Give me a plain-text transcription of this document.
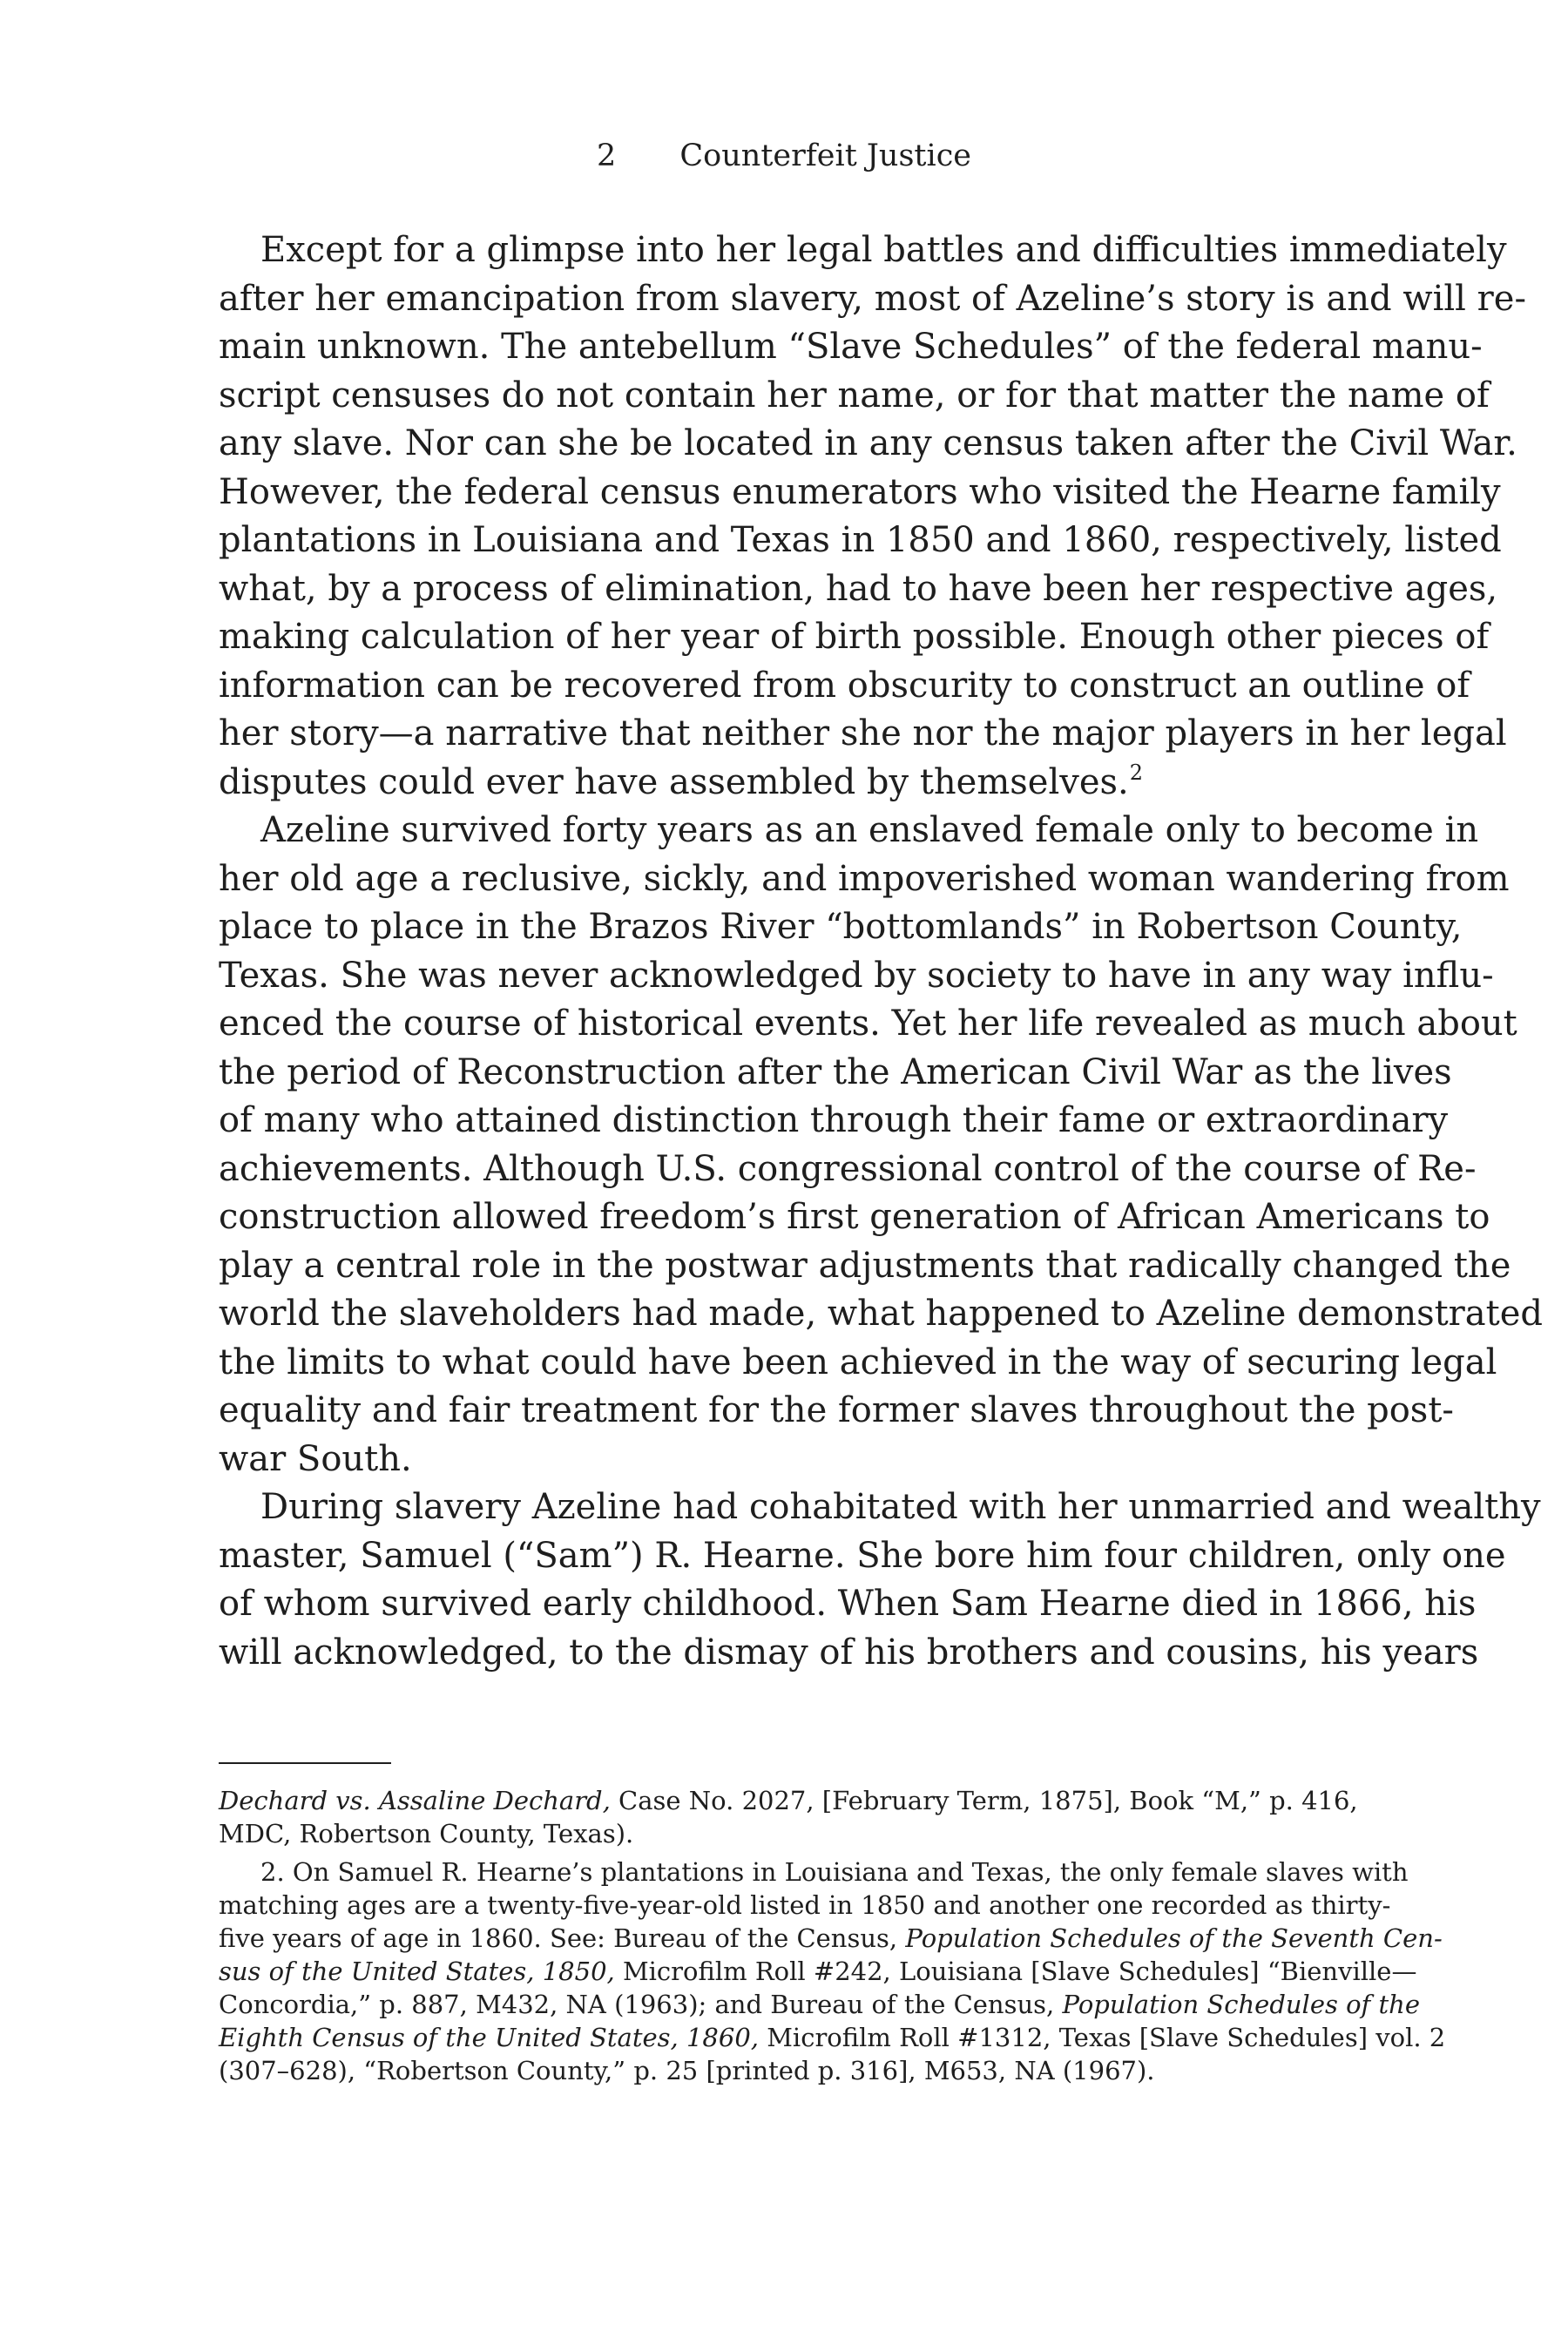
2 Counterfeit Justice
Except for a glimpse into her legal battles and difficulties immediately
after her emancipation from slavery, most of Azeline’s story is and will re-
main unknown. The antebellum “Slave Schedules” of the federal manu-
script censuses do not contain her name, or for that matter the name of
any slave. Nor can she be located in any census taken after the Civil War.
However, the federal census enumerators who visited the Hearne family
plantations in Louisiana and Texas in 1850 and 1860, respectively, listed
what, by a process of elimination, had to have been her respective ages,
making calculation of her year of birth possible. Enough other pieces of
information can be recovered from obscurity to construct an outline of
her story—a narrative that neither she nor the major players in her legal
disputes could ever have assembled by themselves.$^2$
Azeline survived forty years as an enslaved female only to become in
her old age a reclusive, sickly, and impoverished woman wandering from
place to place in the Brazos River “bottomlands” in Robertson County,
Texas. She was never acknowledged by society to have in any way influ-
enced the course of historical events. Yet her life revealed as much about
the period of Reconstruction after the American Civil War as the lives
of many who attained distinction through their fame or extraordinary
achievements. Although U.S. congressional control of the course of Re-
construction allowed freedom’s first generation of African Americans to
play a central role in the postwar adjustments that radically changed the
world the slaveholders had made, what happened to Azeline demonstrated
the limits to what could have been achieved in the way of securing legal
equality and fair treatment for the former slaves throughout the post-
war South.
During slavery Azeline had cohabitated with her unmarried and wealthy
master, Samuel (“Sam”) R. Hearne. She bore him four children, only one
of whom survived early childhood. When Sam Hearne died in 1866, his
will acknowledged, to the dismay of his brothers and cousins, his years
Dechard vs. Assaline Dechard, Case No. 2027, [February Term, 1875], Book “M,” p. 416,
MDC, Robertson County, Texas).
2. On Samuel R. Hearne’s plantations in Louisiana and Texas, the only female slaves with
matching ages are a twenty-five-year-old listed in 1850 and another one recorded as thirty-
five years of age in 1860. See: Bureau of the Census, Population Schedules of the Seventh Cen-
sus of the United States, 1850, Microfilm Roll #242, Louisiana [Slave Schedules] “Bienville—
Concordia,” p. 887, M432, NA (1963); and Bureau of the Census, Population Schedules of the
Eighth Census of the United States, 1860, Microfilm Roll #1312, Texas [Slave Schedules] vol. 2
(307–628), “Robertson County,” p. 25 [printed p. 316], M653, NA (1967).
